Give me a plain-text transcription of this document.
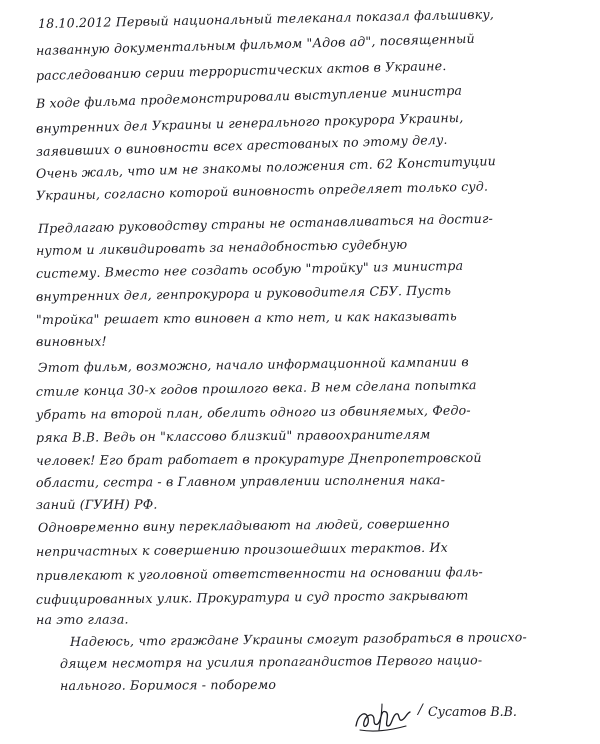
18.10.2012 Первый национальный телеканал показал фальшивку,
названную документальным фильмом "Адов ад", посвященный
расследованию серии террористических актов в Украине.
В ходе фильма продемонстрировали выступление министра
внутренних дел Украины и генерального прокурора Украины,
заявивших о виновности всех арестованых по этому делу.
Очень жаль, что им не знакомы положения ст. 62 Конституции
Украины, согласно которой виновность определяет только суд.
Предлагаю руководству страны не останавливаться на достиг-
нутом и ликвидировать за ненадобностью судебную
систему. Вместо нее создать особую "тройку" из министра
внутренних дел, генпрокурора и руководителя СБУ. Пусть
"тройка" решает кто виновен а кто нет, и как наказывать
виновных!
Этот фильм, возможно, начало информационной кампании в
стиле конца 30-х годов прошлого века. В нем сделана попытка
убрать на второй план, обелить одного из обвиняемых, Федо-
ряка В.В. Ведь он "классово близкий" правоохранителям
человек! Его брат работает в прокуратуре Днепропетровской
области, сестра - в Главном управлении исполнения нака-
заний (ГУИН) РФ.
Одновременно вину перекладывают на людей, совершенно
непричастных к совершению произошедших терактов. Их
привлекают к уголовной ответственности на основании фаль-
сифицированных улик. Прокуратура и суд просто закрывают
на это глаза.
Надеюсь, что граждане Украины смогут разобраться в происхо-
дящем несмотря на усилия пропагандистов Первого нацио-
нального. Боримося - поборемо
/ Сусатов В.В.
